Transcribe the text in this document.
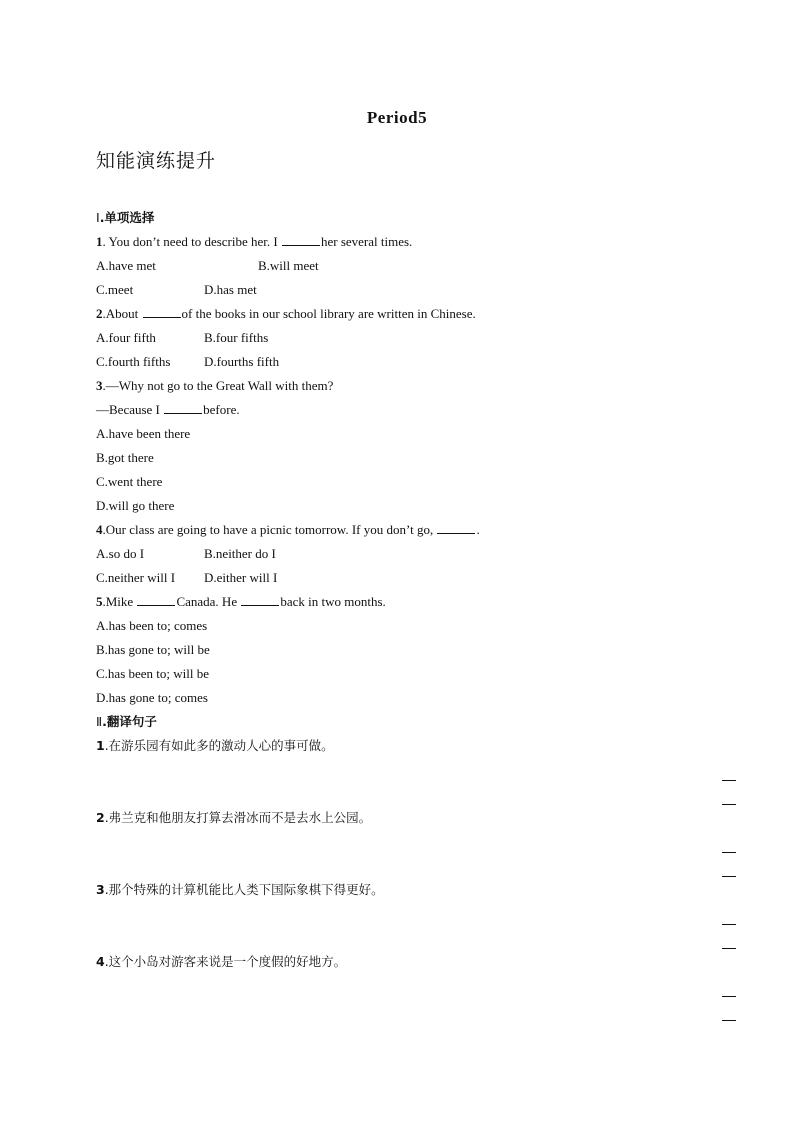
Period5
知能演练提升
Ⅰ.单项选择
1. You don’t need to describe her. I	her several times.
A.have met	B.will meet
C.meet	D.has met
2.About	of the books in our school library are written in Chinese.
A.four fifth	B.four fifths
C.fourth fifths	D.fourths fifth
3.—Why not go to the Great Wall with them?
—Because I	before.
A.have been there
B.got there
C.went there
D.will go there
4.Our class are going to have a picnic tomorrow. If you don’t go,	.
A.so do I	B.neither do I
C.neither will I D.either will I
5.Mike	Canada. He	back in two months.
A.has been to; comes
B.has gone to; will be
C.has been to; will be
D.has gone to; comes
Ⅱ.翻译句子
1.在游乐园有如此多的激动人心的事可做。
2.弗兰克和他朋友打算去滑冰而不是去水上公园。
3.那个特殊的计算机能比人类下国际象棋下得更好。
4.这个小岛对游客来说是一个度假的好地方。
